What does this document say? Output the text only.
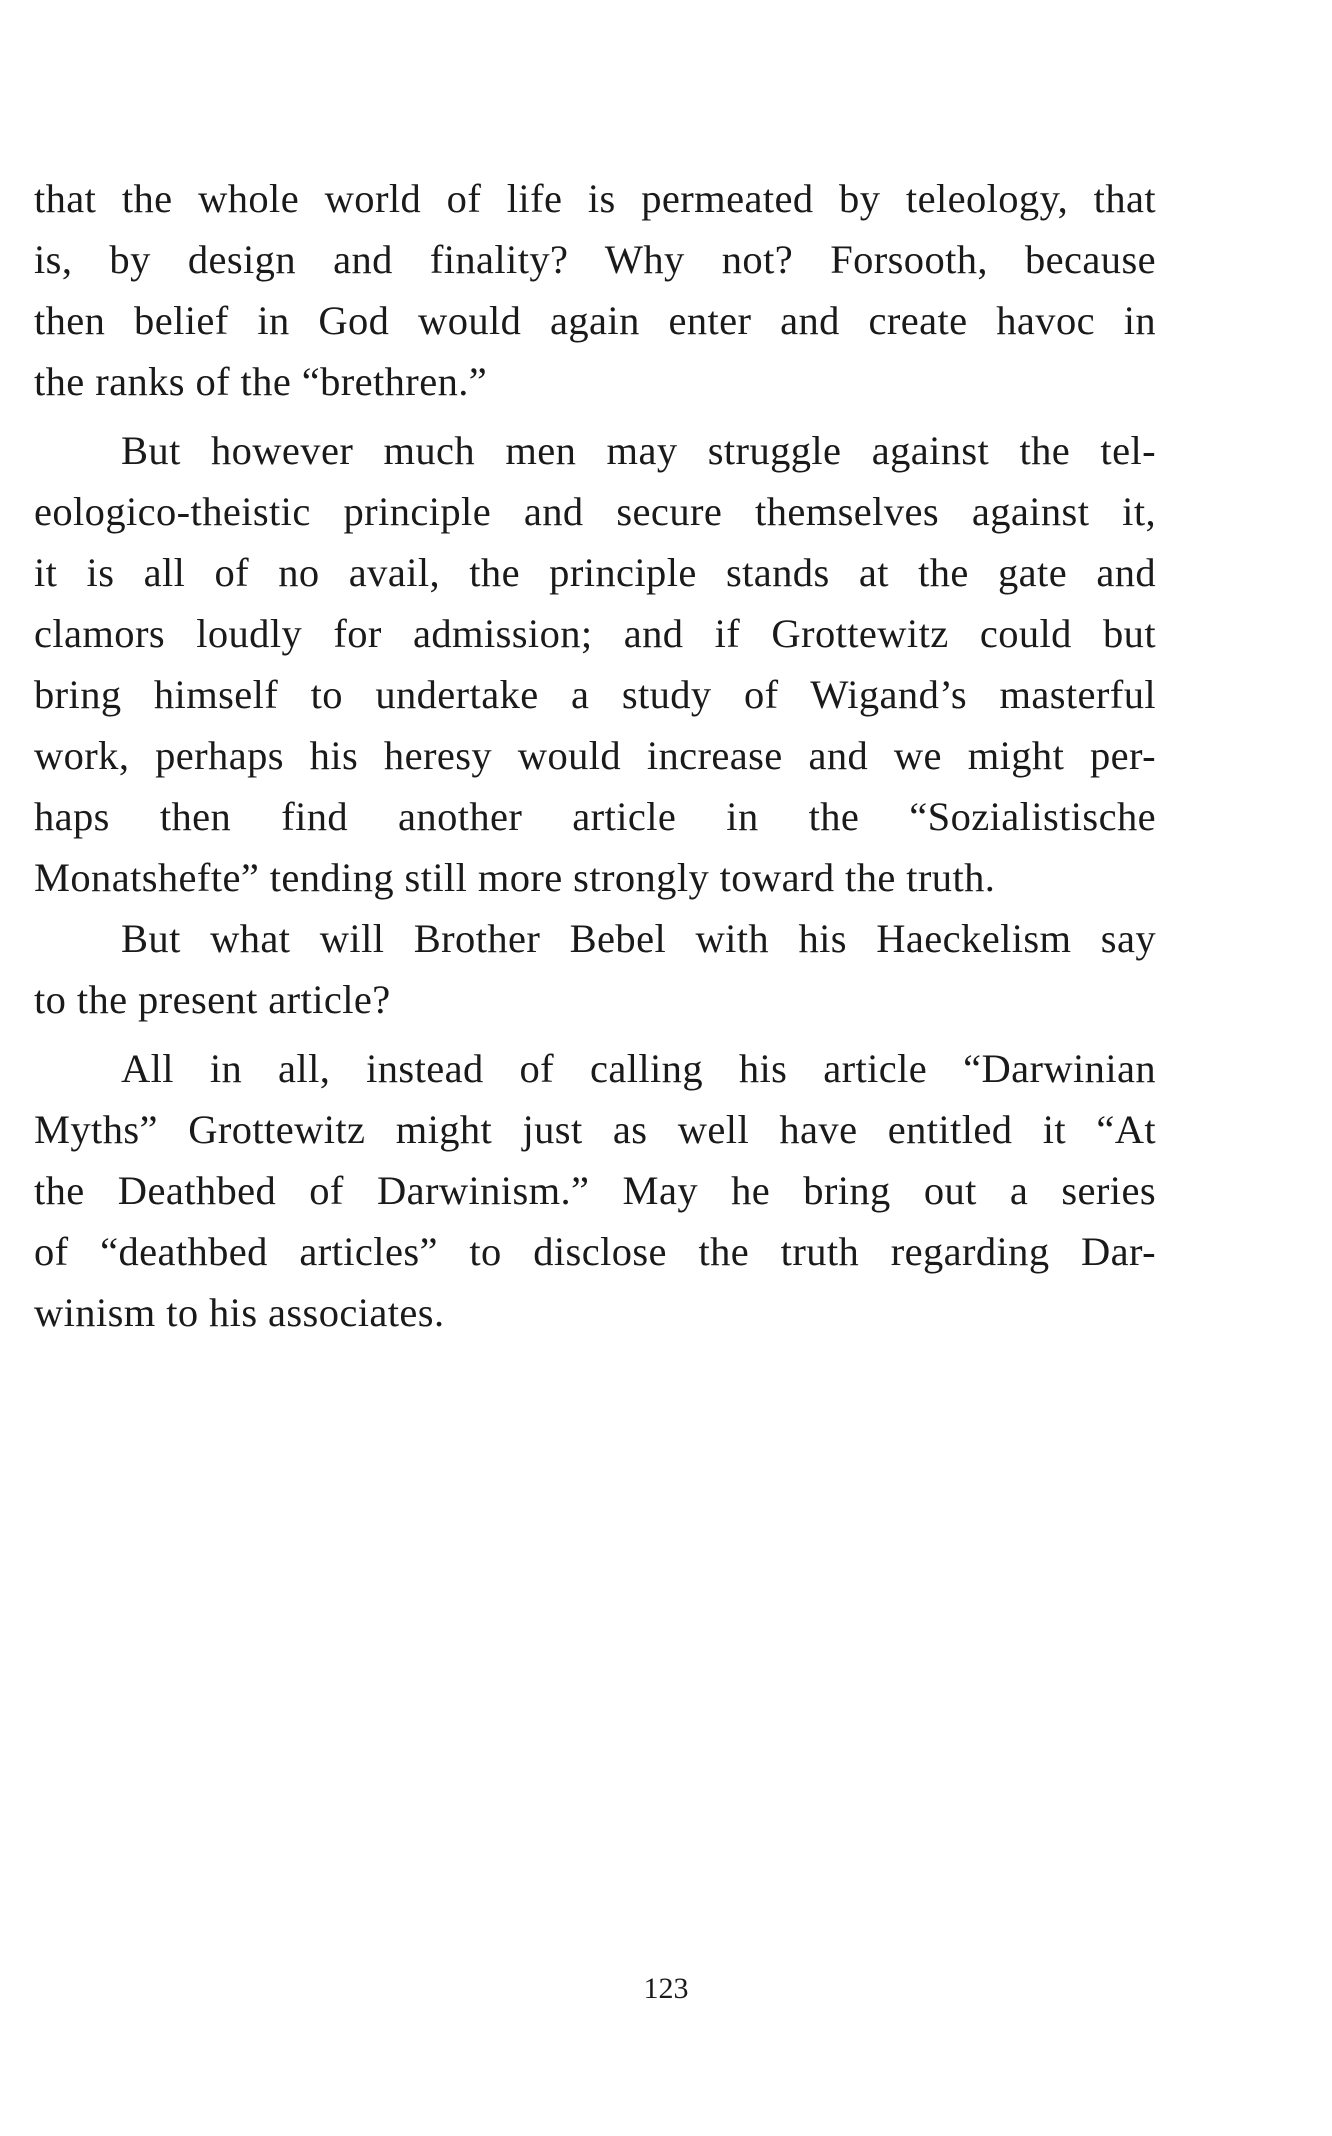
that the whole world of life is permeated by teleology, that
is, by design and finality? Why not? Forsooth, because
then belief in God would again enter and create havoc in
the ranks of the “brethren.”

But however much men may struggle against the tel-
eologico-theistic principle and secure themselves against it,
it is all of no avail, the principle stands at the gate and
clamors loudly for admission; and if Grottewitz could but
bring himself to undertake a study of Wigand’s masterful
work, perhaps his heresy would increase and we might per-
haps then find another article in the “Sozialistische
Monatshefte” tending still more strongly toward the truth.

But what will Brother Bebel with his Haeckelism say
to the present article?

All in all, instead of calling his article “Darwinian
Myths” Grottewitz might just as well have entitled it “At
the Deathbed of Darwinism.” May he bring out a series
of “deathbed articles” to disclose the truth regarding Dar-
winism to his associates.

123
